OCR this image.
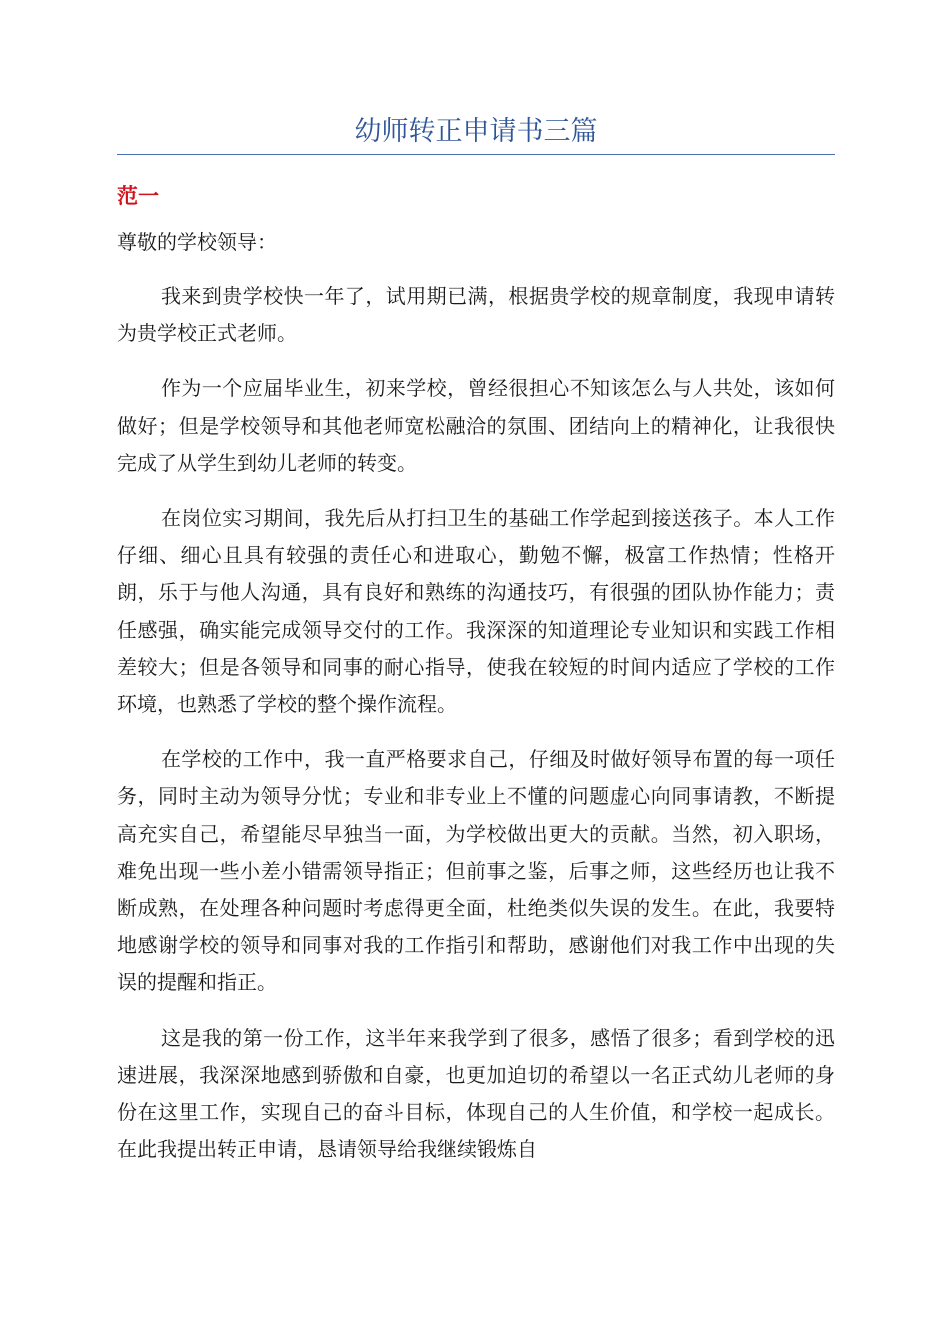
幼师转正申请书三篇
范一

尊敬的学校领导：

我来到贵学校快一年了，试用期已满，根据贵学校的规章制度，我现申请转为贵学校正式老师。

作为一个应届毕业生，初来学校，曾经很担心不知该怎么与人共处，该如何做好；但是学校领导和其他老师宽松融洽的氛围、团结向上的精神化，让我很快完成了从学生到幼儿老师的转变。

在岗位实习期间，我先后从打扫卫生的基础工作学起到接送孩子。本人工作仔细、细心且具有较强的责任心和进取心，勤勉不懈，极富工作热情；性格开朗，乐于与他人沟通，具有良好和熟练的沟通技巧，有很强的团队协作能力；责任感强，确实能完成领导交付的工作。我深深的知道理论专业知识和实践工作相差较大；但是各领导和同事的耐心指导，使我在较短的时间内适应了学校的工作环境，也熟悉了学校的整个操作流程。

在学校的工作中，我一直严格要求自己，仔细及时做好领导布置的每一项任务，同时主动为领导分忧；专业和非专业上不懂的问题虚心向同事请教，不断提高充实自己，希望能尽早独当一面，为学校做出更大的贡献。当然，初入职场，难免出现一些小差小错需领导指正；但前事之鉴，后事之师，这些经历也让我不断成熟，在处理各种问题时考虑得更全面，杜绝类似失误的发生。在此，我要特地感谢学校的领导和同事对我的工作指引和帮助，感谢他们对我工作中出现的失误的提醒和指正。

这是我的第一份工作，这半年来我学到了很多，感悟了很多；看到学校的迅速进展，我深深地感到骄傲和自豪，也更加迫切的希望以一名正式幼儿老师的身份在这里工作，实现自己的奋斗目标，体现自己的人生价值，和学校一起成长。在此我提出转正申请，恳请领导给我继续锻炼自
